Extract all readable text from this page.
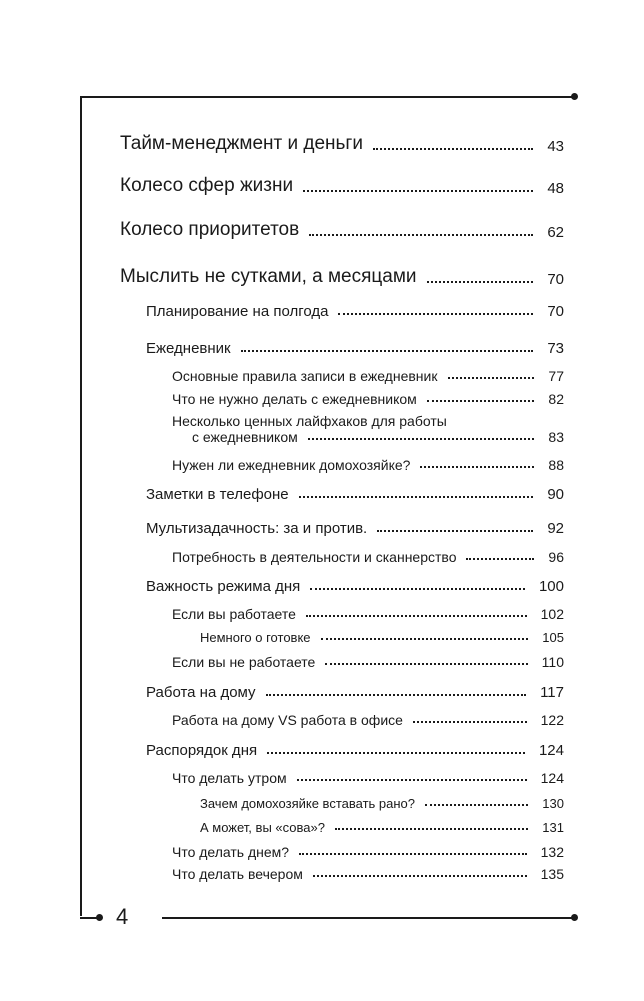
4
Тайм-менеджмент и деньги	43
Колесо сфер жизни	48
Колесо приоритетов	62
Мыслить не сутками, а месяцами	70
Планирование на полгода	70
Ежедневник	73
Основные правила записи в ежедневник	77
Что не нужно делать с ежедневником	82
Несколько ценных лайфхаков для работы
с ежедневником	83
Нужен ли ежедневник домохозяйке?	88
Заметки в телефоне	90
Мультизадачность: за и против.	92
Потребность в деятельности и сканнерство	96
Важность режима дня	100
Если вы работаете	102
Немного о готовке	105
Если вы не работаете	110
Работа на дому	117
Работа на дому VS работа в офисе	122
Распорядок дня	124
Что делать утром	124
Зачем домохозяйке вставать рано?	130
А может, вы «сова»?	131
Что делать днем?	132
Что делать вечером	135
